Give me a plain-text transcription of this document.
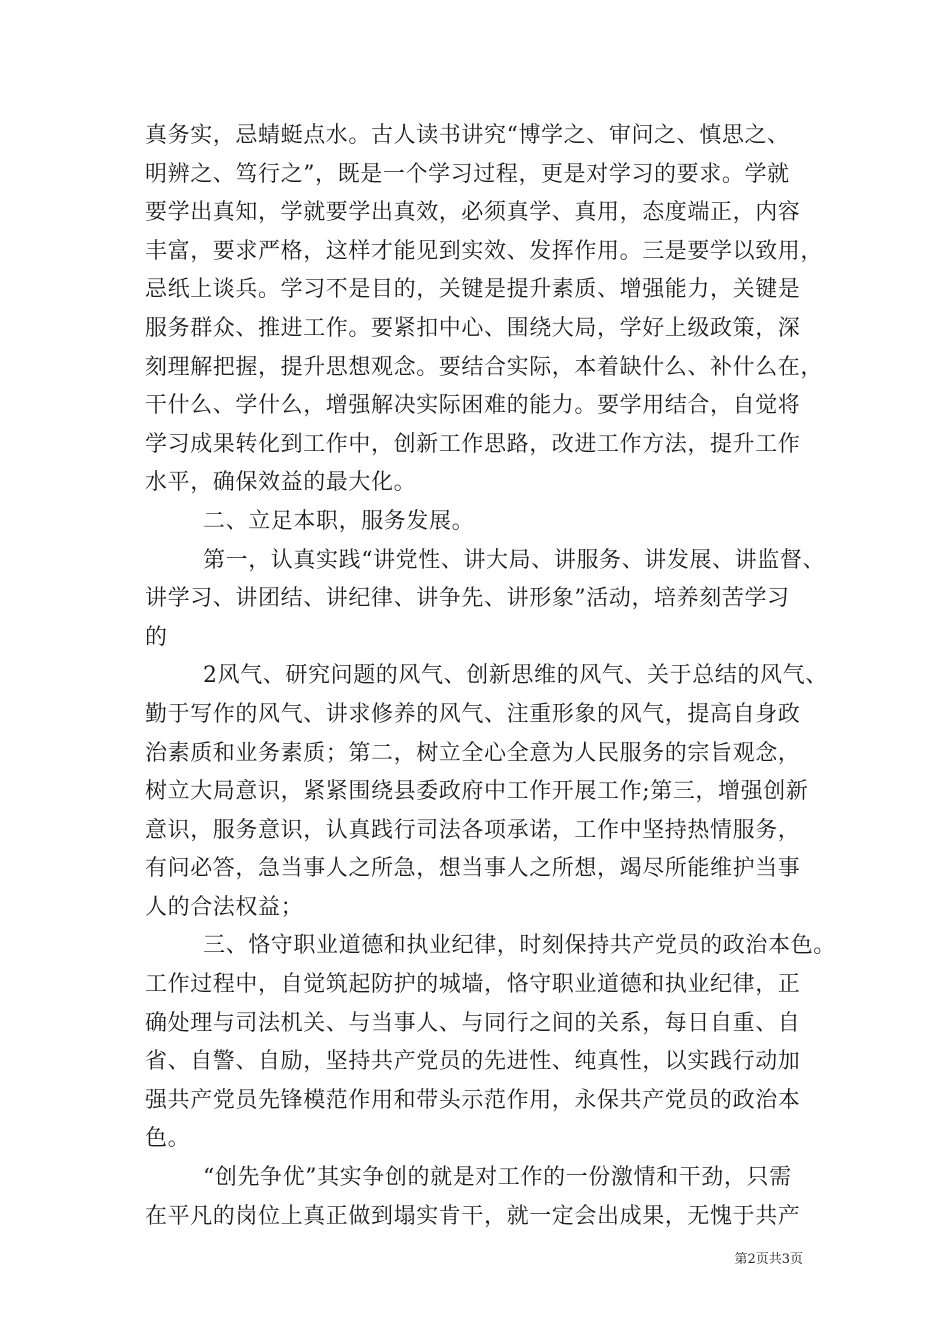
真务实，忌蜻蜓点水。古人读书讲究“博学之、审问之、慎思之、
明辨之、笃行之”，既是一个学习过程，更是对学习的要求。学就
要学出真知，学就要学出真效，必须真学、真用，态度端正，内容
丰富，要求严格，这样才能见到实效、发挥作用。三是要学以致用，
忌纸上谈兵。学习不是目的，关键是提升素质、增强能力，关键是
服务群众、推进工作。要紧扣中心、围绕大局，学好上级政策，深
刻理解把握，提升思想观念。要结合实际，本着缺什么、补什么在，
干什么、学什么，增强解决实际困难的能力。要学用结合，自觉将
学习成果转化到工作中，创新工作思路，改进工作方法，提升工作
水平，确保效益的最大化。
二、立足本职，服务发展。
第一，认真实践“讲党性、讲大局、讲服务、讲发展、讲监督、
讲学习、讲团结、讲纪律、讲争先、讲形象”活动，培养刻苦学习
的
2风气、研究问题的风气、创新思维的风气、关于总结的风气、
勤于写作的风气、讲求修养的风气、注重形象的风气，提高自身政
治素质和业务素质；第二，树立全心全意为人民服务的宗旨观念，
树立大局意识，紧紧围绕县委政府中工作开展工作;第三，增强创新
意识，服务意识，认真践行司法各项承诺，工作中坚持热情服务，
有问必答，急当事人之所急，想当事人之所想，竭尽所能维护当事
人的合法权益；
三、恪守职业道德和执业纪律，时刻保持共产党员的政治本色。
工作过程中，自觉筑起防护的城墙，恪守职业道德和执业纪律，正
确处理与司法机关、与当事人、与同行之间的关系，每日自重、自
省、自警、自励，坚持共产党员的先进性、纯真性，以实践行动加
强共产党员先锋模范作用和带头示范作用，永保共产党员的政治本
色。
“创先争优”其实争创的就是对工作的一份激情和干劲，只需
在平凡的岗位上真正做到塌实肯干，就一定会出成果，无愧于共产
第2页共3页
